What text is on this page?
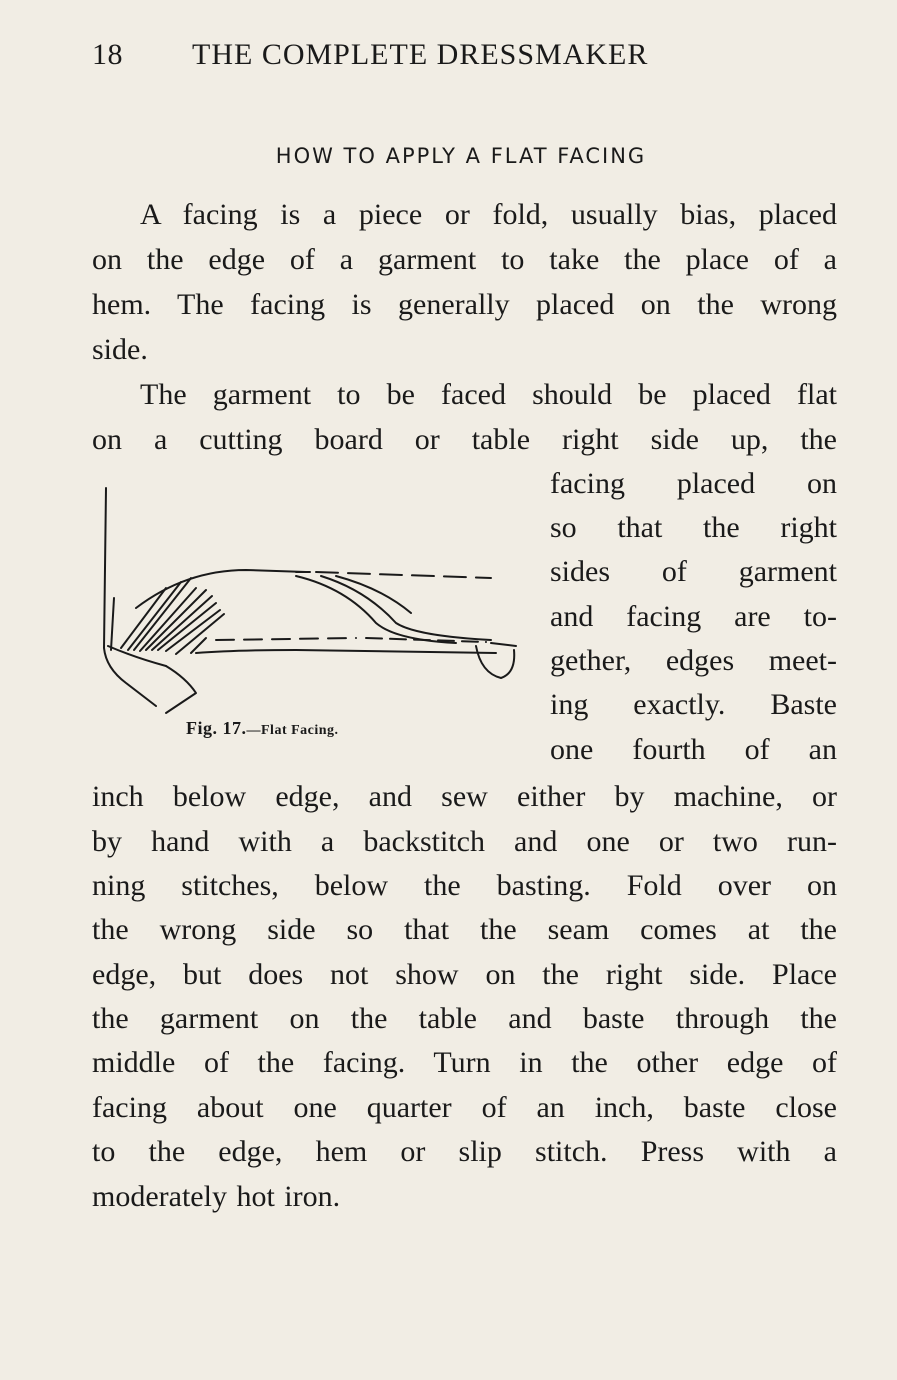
18 THE COMPLETE DRESSMAKER
HOW TO APPLY A FLAT FACING
A facing is a piece or fold, usually bias, placed
on the edge of a garment to take the place of a
hem. The facing is generally placed on the wrong
side.
The garment to be faced should be placed flat
on a cutting board or table right side up, the
facing placed on
so that the right
sides of garment
and facing are to-
gether, edges meet-
ing exactly. Baste
one fourth of an
inch below edge, and sew either by machine, or
by hand with a backstitch and one or two run-
ning stitches, below the basting. Fold over on
the wrong side so that the seam comes at the
edge, but does not show on the right side. Place
the garment on the table and baste through the
middle of the facing. Turn in the other edge of
facing about one quarter of an inch, baste close
to the edge, hem or slip stitch. Press with a
moderately hot iron.
Fig. 17.—Flat Facing.
